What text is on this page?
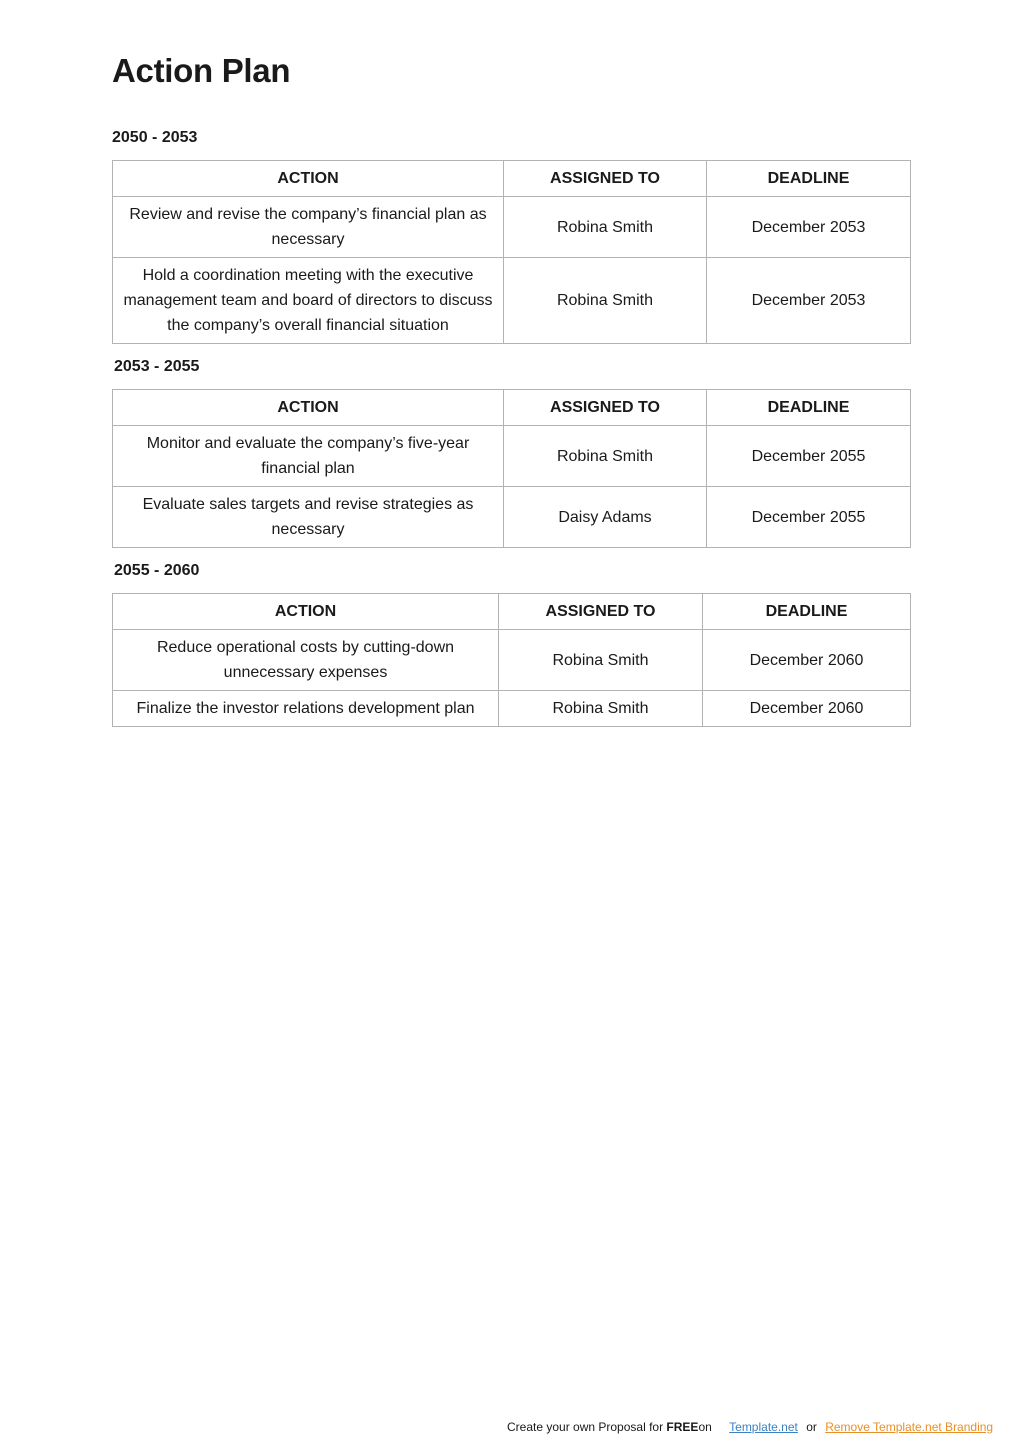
Action Plan
2050 - 2053
ACTION	ASSIGNED TO	DEADLINE
Review and revise the company’s financial plan as necessary	Robina Smith	December 2053
Hold a coordination meeting with the executive management team and board of directors to discuss the company’s overall financial situation	Robina Smith	December 2053
2053 - 2055
ACTION	ASSIGNED TO	DEADLINE
Monitor and evaluate the company’s five-year financial plan	Robina Smith	December 2055
Evaluate sales targets and revise strategies as necessary	Daisy Adams	December 2055
2055 - 2060
ACTION	ASSIGNED TO	DEADLINE
Reduce operational costs by cutting-down unnecessary expenses	Robina Smith	December 2060
Finalize the investor relations development plan	Robina Smith	December 2060
Create your own Proposal for FREEon Template.net or Remove Template.net Branding
